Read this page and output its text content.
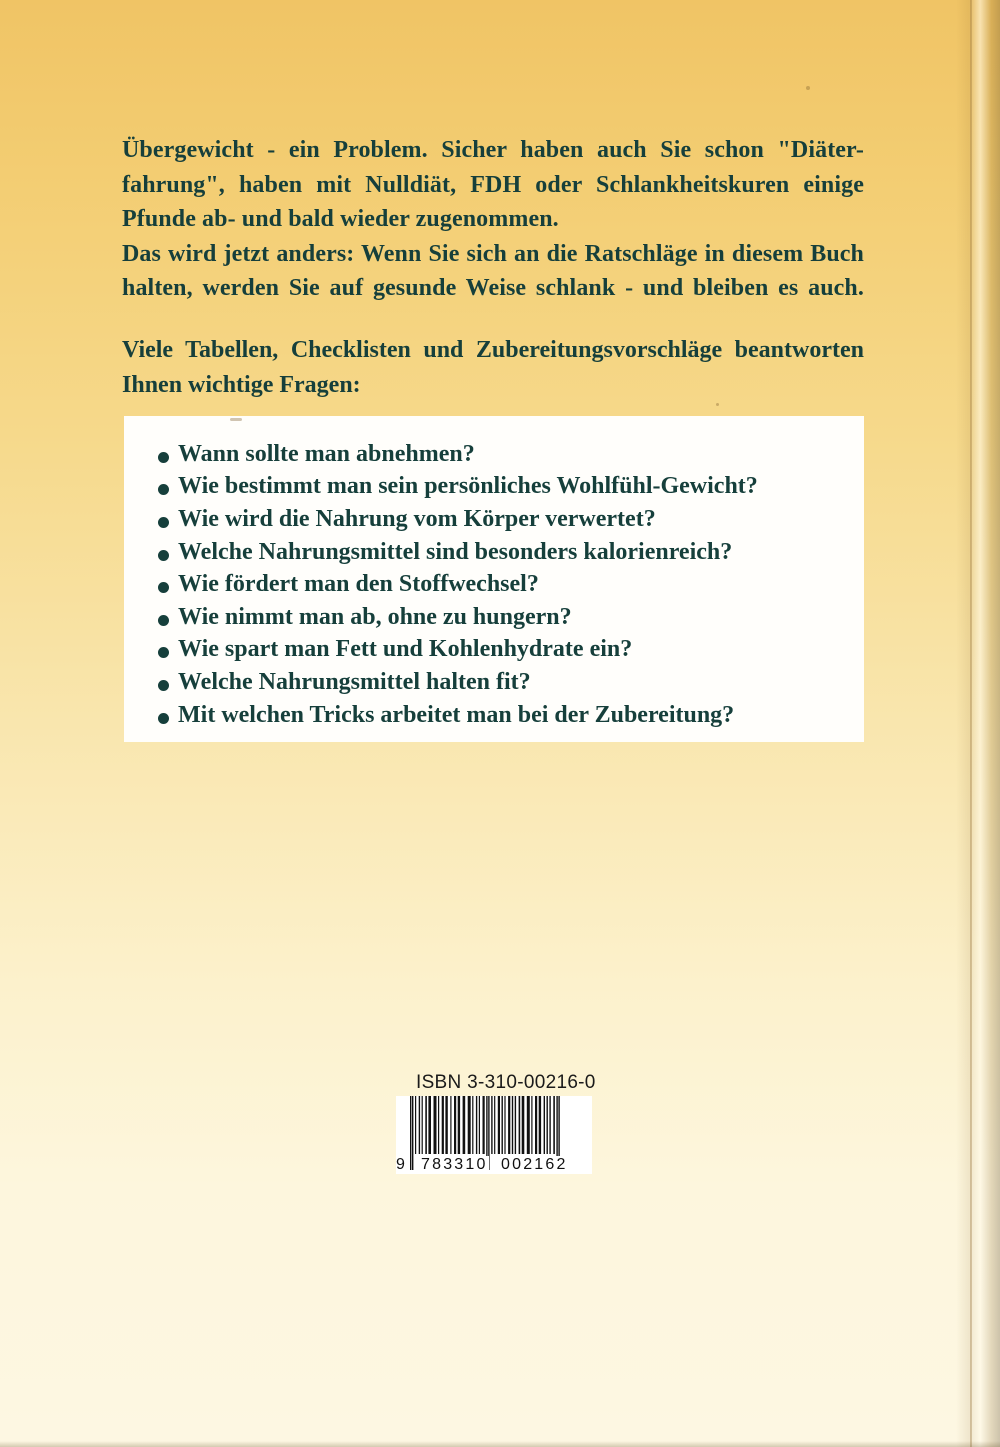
Übergewicht - ein Problem. Sicher haben auch Sie schon "Diäter-
fahrung", haben mit Nulldiät, FDH oder Schlankheitskuren einige
Pfunde ab- und bald wieder zugenommen.
Das wird jetzt anders: Wenn Sie sich an die Ratschläge in diesem Buch
halten, werden Sie auf gesunde Weise schlank - und bleiben es auch.
Viele Tabellen, Checklisten und Zubereitungsvorschläge beantworten
Ihnen wichtige Fragen:
Wann sollte man abnehmen?
Wie bestimmt man sein persönliches Wohlfühl-Gewicht?
Wie wird die Nahrung vom Körper verwertet?
Welche Nahrungsmittel sind besonders kalorienreich?
Wie fördert man den Stoffwechsel?
Wie nimmt man ab, ohne zu hungern?
Wie spart man Fett und Kohlenhydrate ein?
Welche Nahrungsmittel halten fit?
Mit welchen Tricks arbeitet man bei der Zubereitung?
ISBN 3-310-00216-0
9 783310 002162
